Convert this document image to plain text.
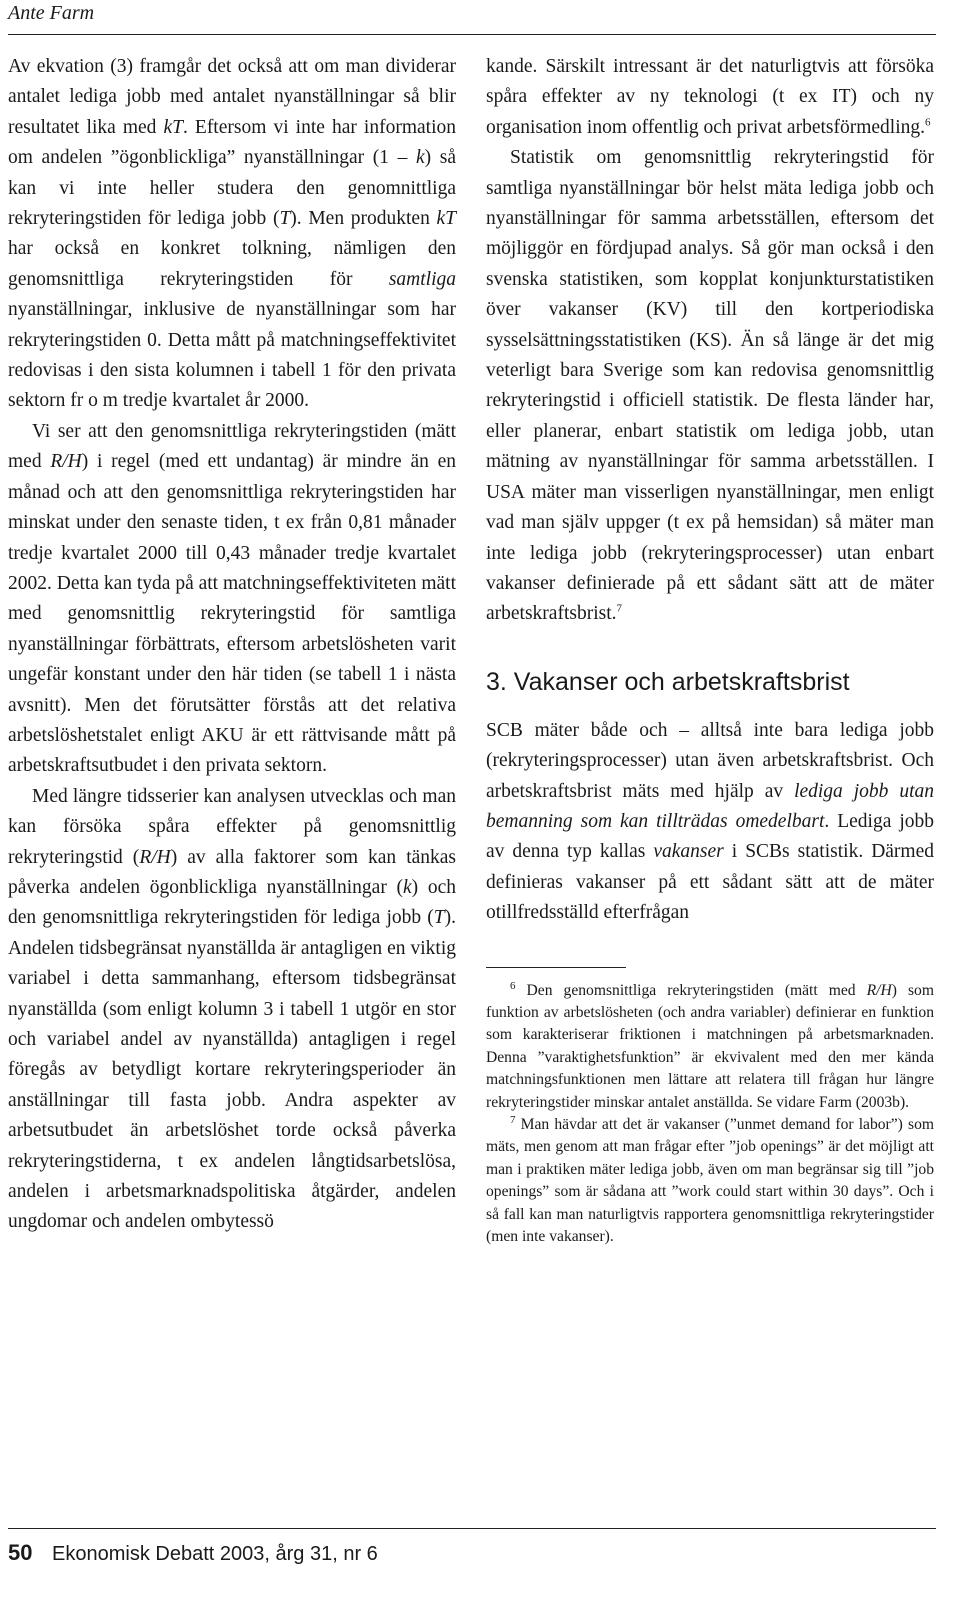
Ante Farm

Av ekvation (3) framgår det också att om man dividerar antalet lediga jobb med antalet nyanställningar så blir resultatet lika med kT. Eftersom vi inte har information om andelen ”ögonblickliga” nyanställningar (1 – k) så kan vi inte heller studera den genomnittliga rekryteringstiden för lediga jobb (T). Men produkten kT har också en konkret tolkning, nämligen den genomsnittliga rekryteringstiden för samtliga nyanställningar, inklusive de nyanställningar som har rekryteringstiden 0. Detta mått på matchningseffektivitet redovisas i den sista kolumnen i tabell 1 för den privata sektorn fr o m tredje kvartalet år 2000.

Vi ser att den genomsnittliga rekryteringstiden (mätt med R/H) i regel (med ett undantag) är mindre än en månad och att den genomsnittliga rekryteringstiden har minskat under den senaste tiden, t ex från 0,81 månader tredje kvartalet 2000 till 0,43 månader tredje kvartalet 2002. Detta kan tyda på att matchningseffektiviteten mätt med genomsnittlig rekryteringstid för samtliga nyanställningar förbättrats, eftersom arbetslösheten varit ungefär konstant under den här tiden (se tabell 1 i nästa avsnitt). Men det förutsätter förstås att det relativa arbetslöshetstalet enligt AKU är ett rättvisande mått på arbetskraftsutbudet i den privata sektorn.

Med längre tidsserier kan analysen utvecklas och man kan försöka spåra effekter på genomsnittlig rekryteringstid (R/H) av alla faktorer som kan tänkas påverka andelen ögonblickliga nyanställningar (k) och den genomsnittliga rekryteringstiden för lediga jobb (T). Andelen tidsbegränsat nyanställda är antagligen en viktig variabel i detta sammanhang, eftersom tidsbegränsat nyanställda (som enligt kolumn 3 i tabell 1 utgör en stor och variabel andel av nyanställda) antagligen i regel föregås av betydligt kortare rekryteringsperioder än anställningar till fasta jobb. Andra aspekter av arbetsutbudet än arbetslöshet torde också påverka rekryteringstiderna, t ex andelen långtidsarbetslösa, andelen i arbetsmarknadspolitiska åtgärder, andelen ungdomar och andelen ombytessö

kande. Särskilt intressant är det naturligtvis att försöka spåra effekter av ny teknologi (t ex IT) och ny organisation inom offentlig och privat arbetsförmedling.$^6$

Statistik om genomsnittlig rekryteringstid för samtliga nyanställningar bör helst mäta lediga jobb och nyanställningar för samma arbetsställen, eftersom det möjliggör en fördjupad analys. Så gör man också i den svenska statistiken, som kopplat konjunkturstatistiken över vakanser (KV) till den kortperiodiska sysselsättningsstatistiken (KS). Än så länge är det mig veterligt bara Sverige som kan redovisa genomsnittlig rekryteringstid i officiell statistik. De flesta länder har, eller planerar, enbart statistik om lediga jobb, utan mätning av nyanställningar för samma arbetsställen. I USA mäter man visserligen nyanställningar, men enligt vad man själv uppger (t ex på hemsidan) så mäter man inte lediga jobb (rekryteringsprocesser) utan enbart vakanser definierade på ett sådant sätt att de mäter arbetskraftsbrist.$^7$

3. Vakanser och arbetskraftsbrist

SCB mäter både och – alltså inte bara lediga jobb (rekryteringsprocesser) utan även arbetskraftsbrist. Och arbetskraftsbrist mäts med hjälp av lediga jobb utan bemanning som kan tillträdas omedelbart. Lediga jobb av denna typ kallas vakanser i SCBs statistik. Därmed definieras vakanser på ett sådant sätt att de mäter otillfredsställd efterfrågan

$^6$ Den genomsnittliga rekryteringstiden (mätt med R/H) som funktion av arbetslösheten (och andra variabler) definierar en funktion som karakteriserar friktionen i matchningen på arbetsmarknaden. Denna ”varaktighetsfunktion” är ekvivalent med den mer kända matchningsfunktionen men lättare att relatera till frågan hur längre rekryteringstider minskar antalet anställda. Se vidare Farm (2003b).

$^7$ Man hävdar att det är vakanser (”unmet demand for labor”) som mäts, men genom att man frågar efter ”job openings” är det möjligt att man i praktiken mäter lediga jobb, även om man begränsar sig till ”job openings” som är sådana att ”work could start within 30 days”. Och i så fall kan man naturligtvis rapportera genomsnittliga rekryteringstider (men inte vakanser).

50 Ekonomisk Debatt 2003, årg 31, nr 6
